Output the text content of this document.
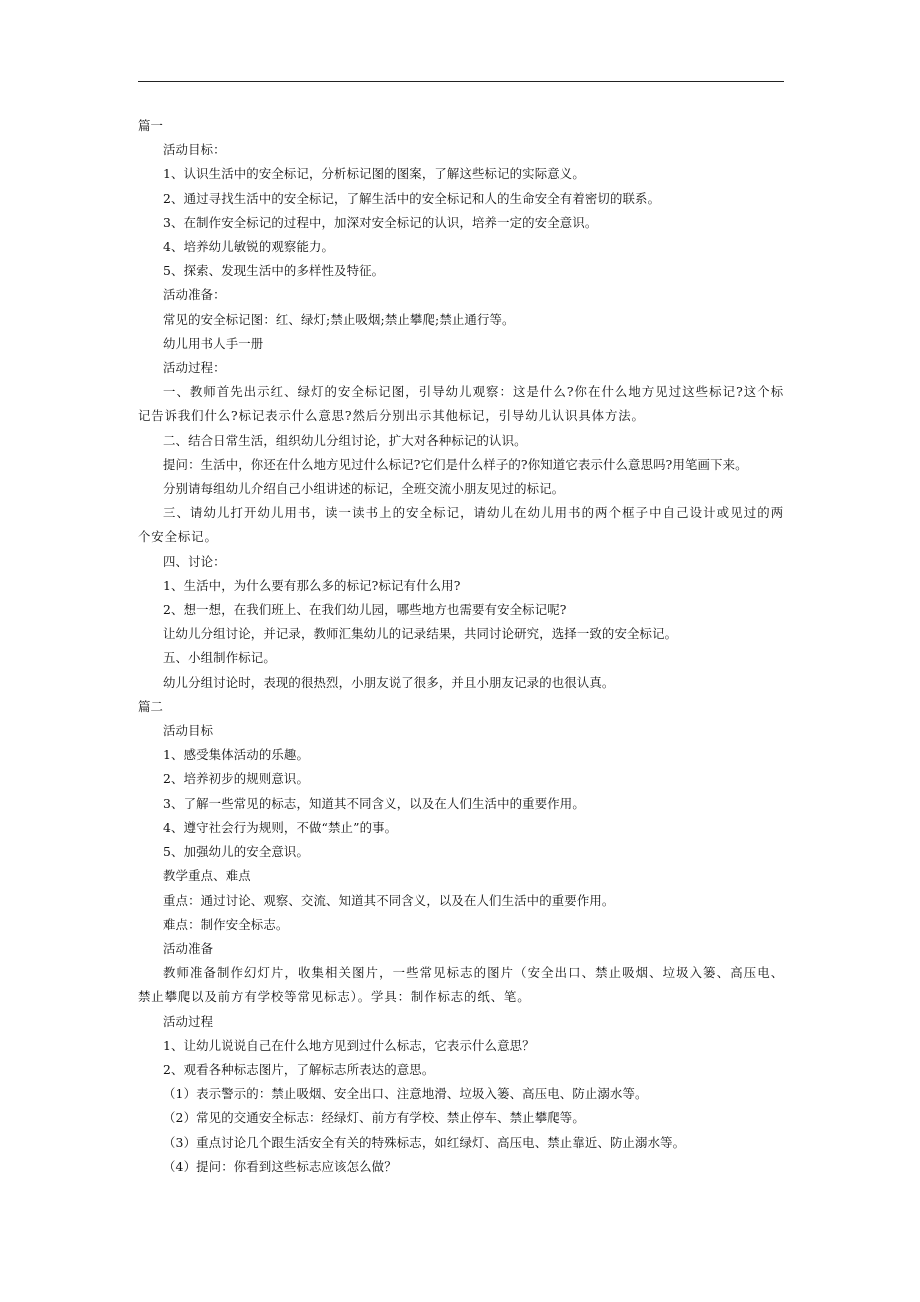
篇一
活动目标：
1、认识生活中的安全标记，分析标记图的图案，了解这些标记的实际意义。
2、通过寻找生活中的安全标记，了解生活中的安全标记和人的生命安全有着密切的联系。
3、在制作安全标记的过程中，加深对安全标记的认识，培养一定的安全意识。
4、培养幼儿敏锐的观察能力。
5、探索、发现生活中的多样性及特征。
活动准备：
常见的安全标记图：红、绿灯;禁止吸烟;禁止攀爬;禁止通行等。
幼儿用书人手一册
活动过程：
一、教师首先出示红、绿灯的安全标记图，引导幼儿观察：这是什么?你在什么地方见过这些标记?这个标记告诉我们什么?标记表示什么意思?然后分别出示其他标记，引导幼儿认识具体方法。
二、结合日常生活，组织幼儿分组讨论，扩大对各种标记的认识。
提问：生活中，你还在什么地方见过什么标记?它们是什么样子的?你知道它表示什么意思吗?用笔画下来。
分别请每组幼儿介绍自己小组讲述的标记，全班交流小朋友见过的标记。
三、请幼儿打开幼儿用书，读一读书上的安全标记，请幼儿在幼儿用书的两个框子中自己设计或见过的两个安全标记。
四、讨论：
1、生活中，为什么要有那么多的标记?标记有什么用?
2、想一想，在我们班上、在我们幼儿园，哪些地方也需要有安全标记呢?
让幼儿分组讨论，并记录，教师汇集幼儿的记录结果，共同讨论研究，选择一致的安全标记。
五、小组制作标记。
幼儿分组讨论时，表现的很热烈，小朋友说了很多，并且小朋友记录的也很认真。
篇二
活动目标
1、感受集体活动的乐趣。
2、培养初步的规则意识。
3、了解一些常见的标志，知道其不同含义，以及在人们生活中的重要作用。
4、遵守社会行为规则，不做“禁止”的事。
5、加强幼儿的安全意识。
教学重点、难点
重点：通过讨论、观察、交流、知道其不同含义，以及在人们生活中的重要作用。
难点：制作安全标志。
活动准备
教师准备制作幻灯片，收集相关图片，一些常见标志的图片（安全出口、禁止吸烟、垃圾入篓、高压电、禁止攀爬以及前方有学校等常见标志）。学具：制作标志的纸、笔。
活动过程
1、让幼儿说说自己在什么地方见到过什么标志，它表示什么意思？
2、观看各种标志图片，了解标志所表达的意思。
（1）表示警示的：禁止吸烟、安全出口、注意地滑、垃圾入篓、高压电、防止溺水等。
（2）常见的交通安全标志：经绿灯、前方有学校、禁止停车、禁止攀爬等。
（3）重点讨论几个跟生活安全有关的特殊标志，如红绿灯、高压电、禁止靠近、防止溺水等。
（4）提问：你看到这些标志应该怎么做？
